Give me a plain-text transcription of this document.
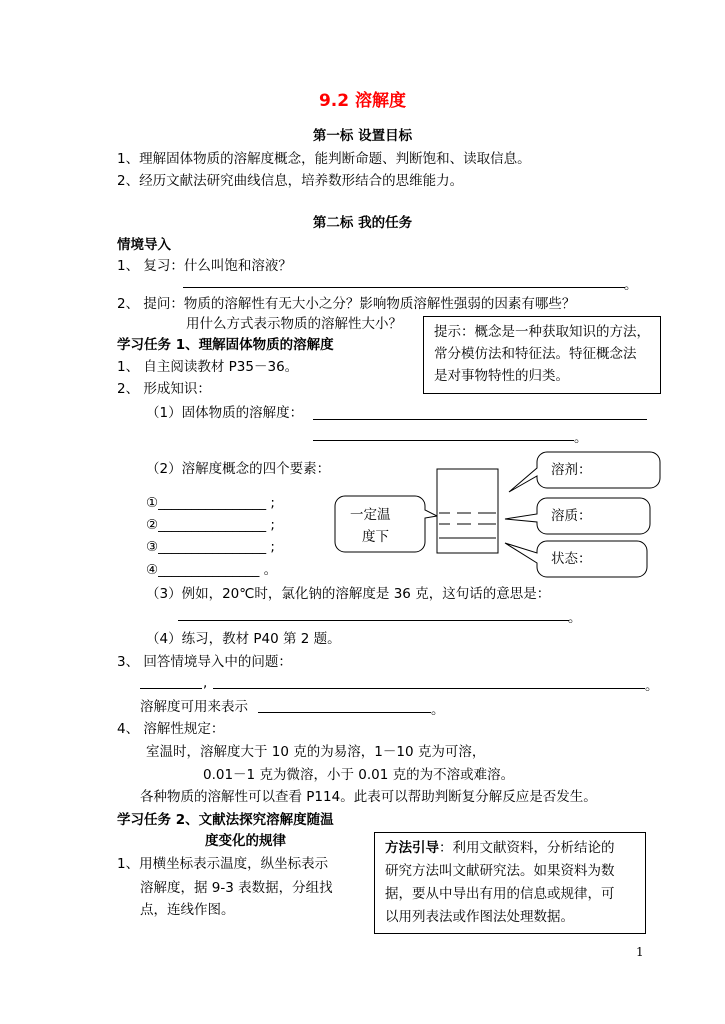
9.2 溶解度
第一标 设置目标
1、理解固体物质的溶解度概念，能判断命题、判断饱和、读取信息。
2、经历文献法研究曲线信息，培养数形结合的思维能力。
第二标 我的任务
情境导入
1、 复习：什么叫饱和溶液？
。
2、 提问：物质的溶解性有无大小之分？影响物质溶解性强弱的因素有哪些？
用什么方式表示物质的溶解性大小？ 提示：概念是一种获取知识的方法，
常分模仿法和特征法。特征概念法
是对事物特性的归类。
学习任务 1、理解固体物质的溶解度
1、 自主阅读教材 P35－36。
2、 形成知识：
（1）固体物质的溶解度：
。
（2）溶解度概念的四个要素：
①________________ ;
②________________ ;
③________________ ;
④_______________ 。
一定温
度下
溶剂：
溶质：
状态：
（3）例如，20℃时，氯化钠的溶解度是 36 克，这句话的意思是：
。
（4）练习，教材 P40 第 2 题。
3、 回答情境导入中的问题：
,	。
溶解度可用来表示	。
4、 溶解性规定：
室温时，溶解度大于 10 克的为易溶，1－10 克为可溶，
0.01－1 克为微溶，小于 0.01 克的为不溶或难溶。
各种物质的溶解性可以查看 P114。此表可以帮助判断复分解反应是否发生。
学习任务 2、文献法探究溶解度随温
度变化的规律
1、用横坐标表示温度，纵坐标表示
溶解度，据 9-3 表数据，分组找
点，连线作图。
方法引导：利用文献资料，分析结论的
研究方法叫文献研究法。如果资料为数
据，要从中导出有用的信息或规律，可
以用列表法或作图法处理数据。
1
